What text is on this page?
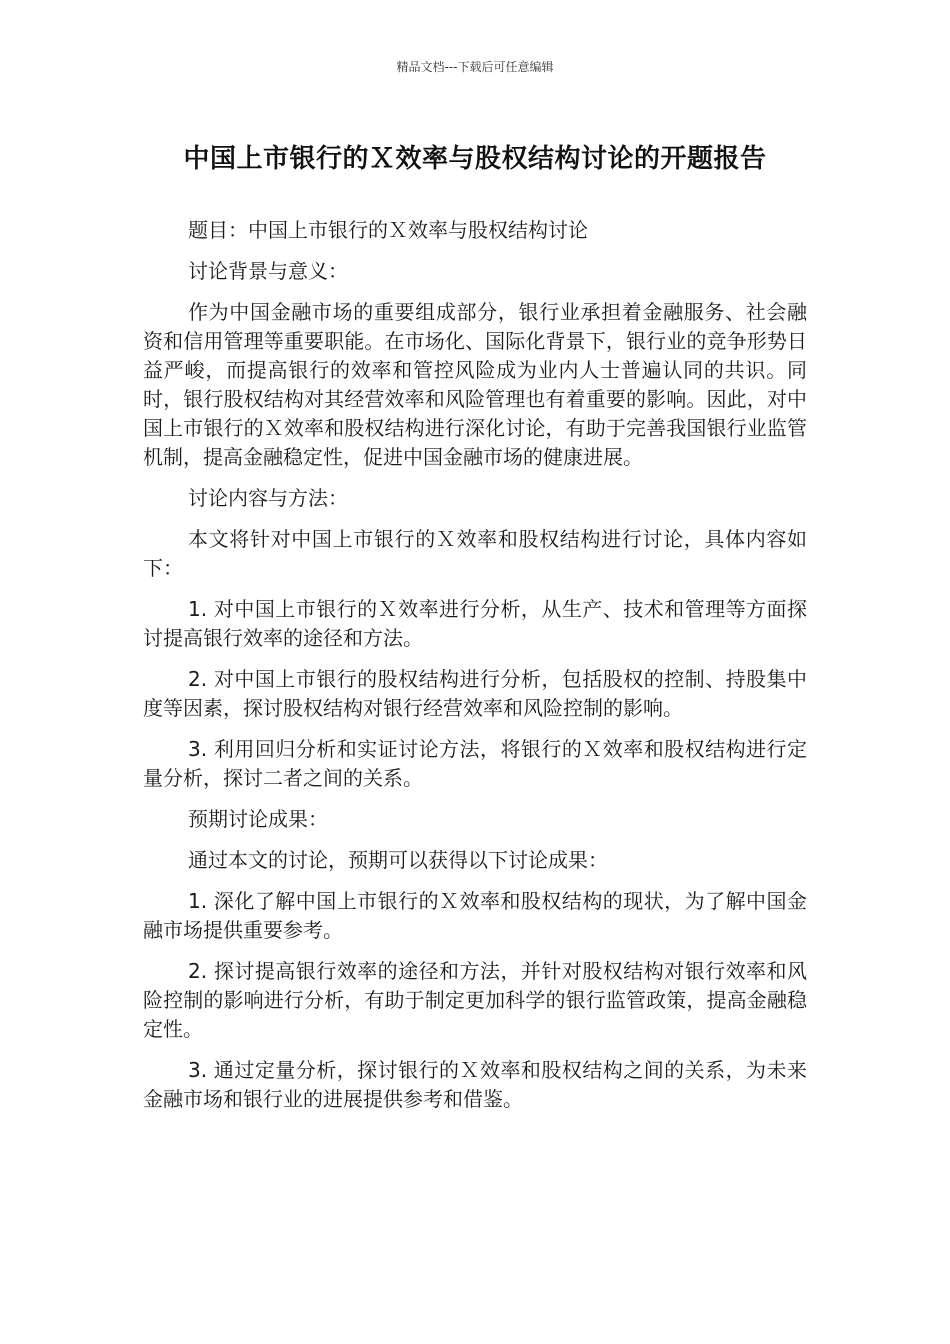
精品文档---下载后可任意编辑
中国上市银行的Ｘ效率与股权结构讨论的开题报告

题目：中国上市银行的Ｘ效率与股权结构讨论

讨论背景与意义：

作为中国金融市场的重要组成部分，银行业承担着金融服务、社会融资和信用管理等重要职能。在市场化、国际化背景下，银行业的竞争形势日益严峻，而提高银行的效率和管控风险成为业内人士普遍认同的共识。同时，银行股权结构对其经营效率和风险管理也有着重要的影响。因此，对中国上市银行的Ｘ效率和股权结构进行深化讨论，有助于完善我国银行业监管机制，提高金融稳定性，促进中国金融市场的健康进展。

讨论内容与方法：

本文将针对中国上市银行的Ｘ效率和股权结构进行讨论，具体内容如下：

1. 对中国上市银行的Ｘ效率进行分析，从生产、技术和管理等方面探讨提高银行效率的途径和方法。

2. 对中国上市银行的股权结构进行分析，包括股权的控制、持股集中度等因素，探讨股权结构对银行经营效率和风险控制的影响。

3. 利用回归分析和实证讨论方法，将银行的Ｘ效率和股权结构进行定量分析，探讨二者之间的关系。

预期讨论成果：

通过本文的讨论，预期可以获得以下讨论成果：

1. 深化了解中国上市银行的Ｘ效率和股权结构的现状，为了解中国金融市场提供重要参考。

2. 探讨提高银行效率的途径和方法，并针对股权结构对银行效率和风险控制的影响进行分析，有助于制定更加科学的银行监管政策，提高金融稳定性。

3. 通过定量分析，探讨银行的Ｘ效率和股权结构之间的关系，为未来金融市场和银行业的进展提供参考和借鉴。
